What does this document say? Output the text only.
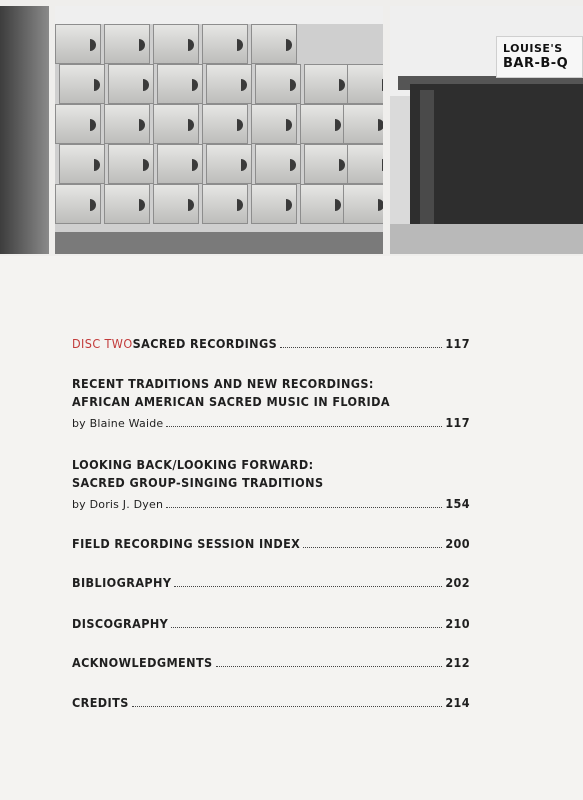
LOUISE'S
BAR-B-Q
DISC TWOSACRED RECORDINGS	117
RECENT TRADITIONS AND NEW RECORDINGS:
AFRICAN AMERICAN SACRED MUSIC IN FLORIDA
by Blaine Waide	117
LOOKING BACK/LOOKING FORWARD:
SACRED GROUP-SINGING TRADITIONS
by Doris J. Dyen	154
FIELD RECORDING SESSION INDEX	200
BIBLIOGRAPHY	202
DISCOGRAPHY	210
ACKNOWLEDGMENTS	212
CREDITS	214
